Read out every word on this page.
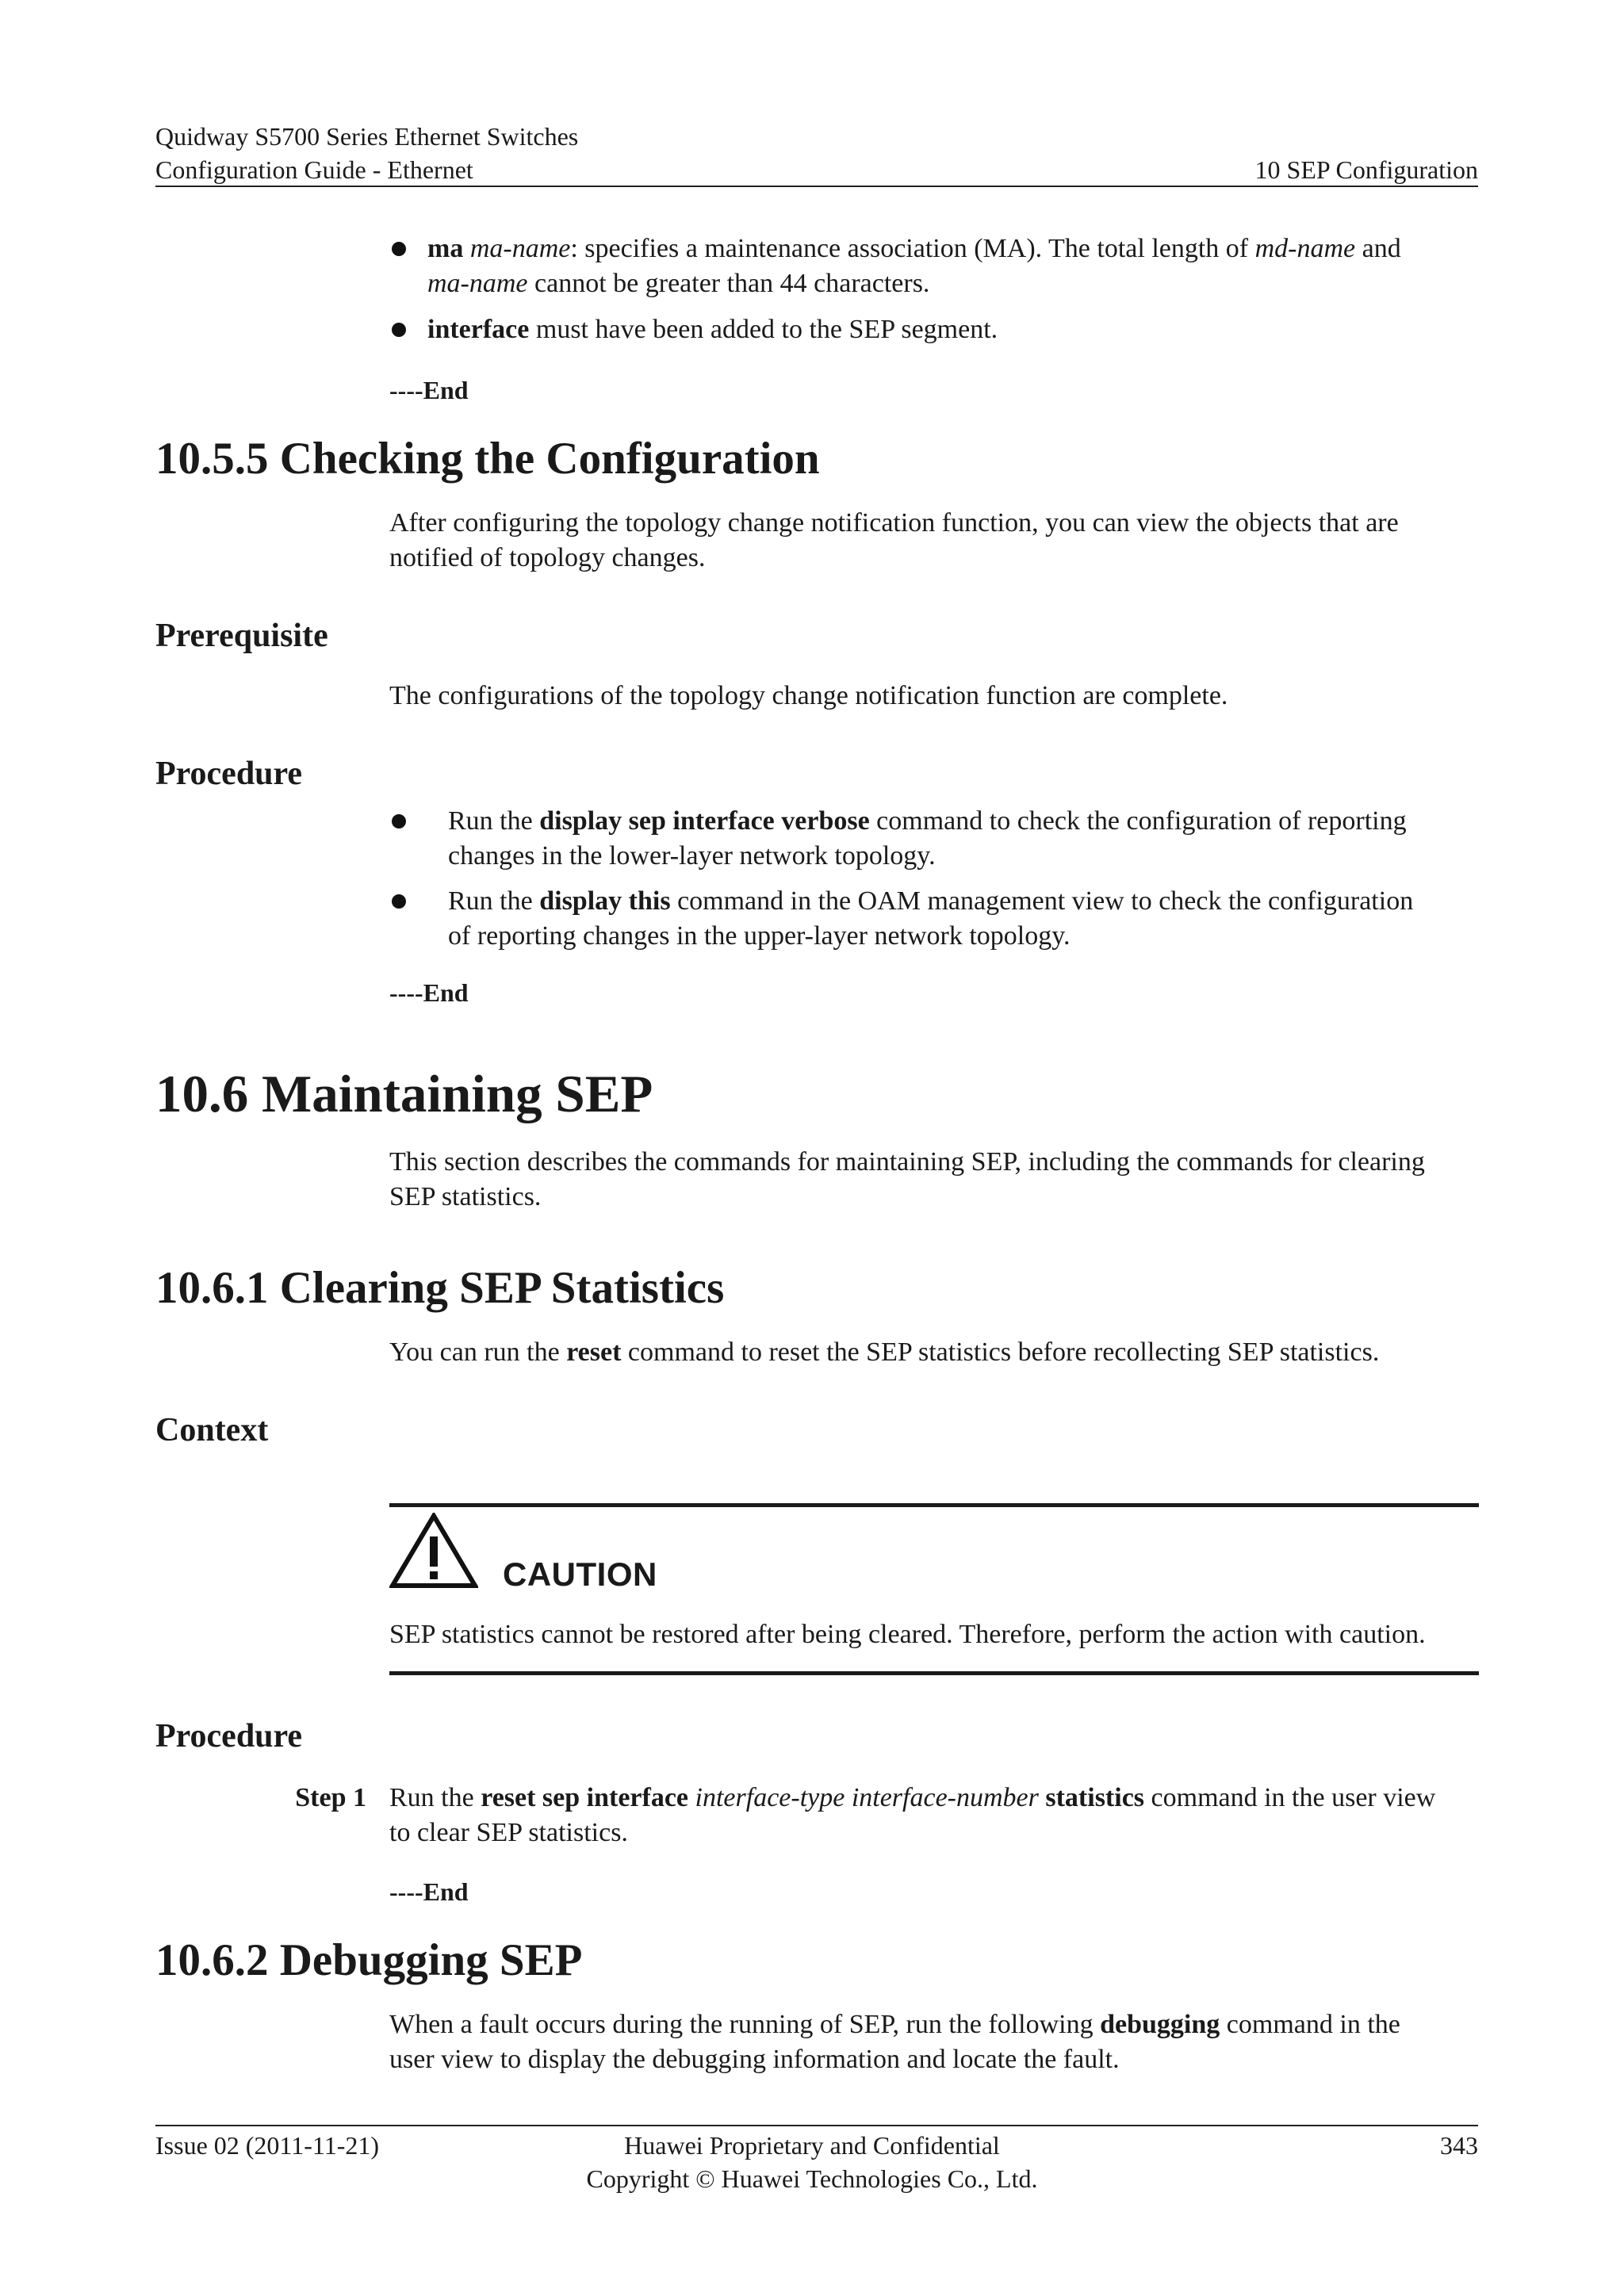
Quidway S5700 Series Ethernet Switches
Configuration Guide - Ethernet	10 SEP Configuration
ma ma-name: specifies a maintenance association (MA). The total length of md-name and
ma-name cannot be greater than 44 characters.
interface must have been added to the SEP segment.
----End
10.5.5 Checking the Configuration
After configuring the topology change notification function, you can view the objects that are
notified of topology changes.
Prerequisite
The configurations of the topology change notification function are complete.
Procedure
Run the display sep interface verbose command to check the configuration of reporting
changes in the lower-layer network topology.
Run the display this command in the OAM management view to check the configuration
of reporting changes in the upper-layer network topology.
----End
10.6 Maintaining SEP
This section describes the commands for maintaining SEP, including the commands for clearing
SEP statistics.
10.6.1 Clearing SEP Statistics
You can run the reset command to reset the SEP statistics before recollecting SEP statistics.
Context
CAUTION
SEP statistics cannot be restored after being cleared. Therefore, perform the action with caution.
Procedure
Step 1 Run the reset sep interface interface-type interface-number statistics command in the user view
to clear SEP statistics.
----End
10.6.2 Debugging SEP
When a fault occurs during the running of SEP, run the following debugging command in the
user view to display the debugging information and locate the fault.
Issue 02 (2011-11-21)	Huawei Proprietary and Confidential
Copyright © Huawei Technologies Co., Ltd.
343
